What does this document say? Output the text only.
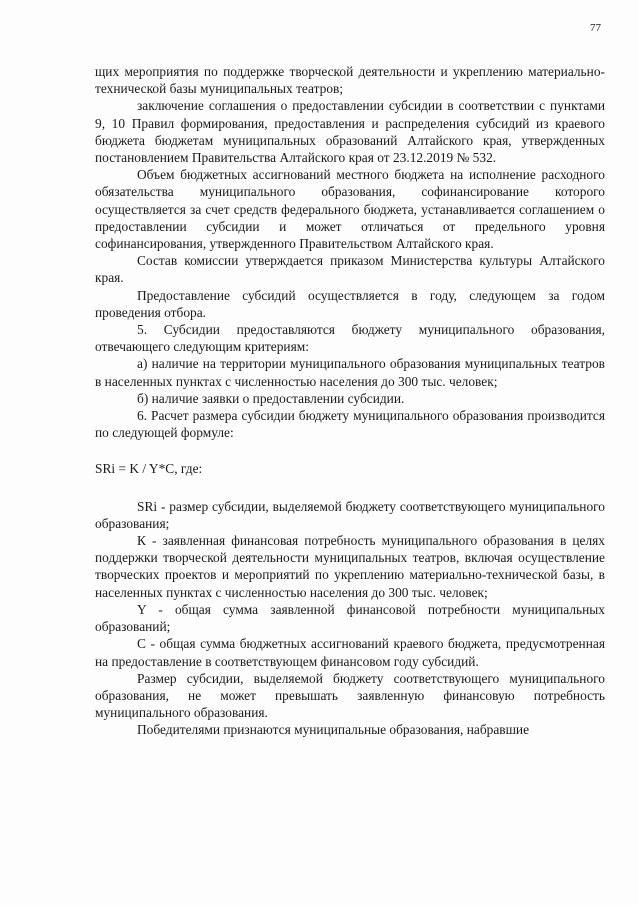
77

щих мероприятия по поддержке творческой деятельности и укреплению материально-технической базы муниципальных театров;

заключение соглашения о предоставлении субсидии в соответствии с пунктами 9, 10 Правил формирования, предоставления и распределения субсидий из краевого бюджета бюджетам муниципальных образований Алтайского края, утвержденных постановлением Правительства Алтайского края от 23.12.2019 № 532.

Объем бюджетных ассигнований местного бюджета на исполнение расходного обязательства муниципального образования, софинансирование которого осуществляется за счет средств федерального бюджета, устанавливается соглашением о предоставлении субсидии и может отличаться от предельного уровня софинансирования, утвержденного Правительством Алтайского края.

Состав комиссии утверждается приказом Министерства культуры Алтайского края.

Предоставление субсидий осуществляется в году, следующем за годом проведения отбора.

5. Субсидии предоставляются бюджету муниципального образования, отвечающего следующим критериям:

а) наличие на территории муниципального образования муниципальных театров в населенных пунктах с численностью населения до 300 тыс. человек;

б) наличие заявки о предоставлении субсидии.

6. Расчет размера субсидии бюджету муниципального образования производится по следующей формуле:

SRi = K / Y*C, где:

SRi - размер субсидии, выделяемой бюджету соответствующего муниципального образования;

К - заявленная финансовая потребность муниципального образования в целях поддержки творческой деятельности муниципальных театров, включая осуществление творческих проектов и мероприятий по укреплению материально-технической базы, в населенных пунктах с численностью населения до 300 тыс. человек;

Y - общая сумма заявленной финансовой потребности муниципальных образований;

С - общая сумма бюджетных ассигнований краевого бюджета, предусмотренная на предоставление в соответствующем финансовом году субсидий.

Размер субсидии, выделяемой бюджету соответствующего муниципального образования, не может превышать заявленную финансовую потребность муниципального образования.

Победителями признаются муниципальные образования, набравшие
